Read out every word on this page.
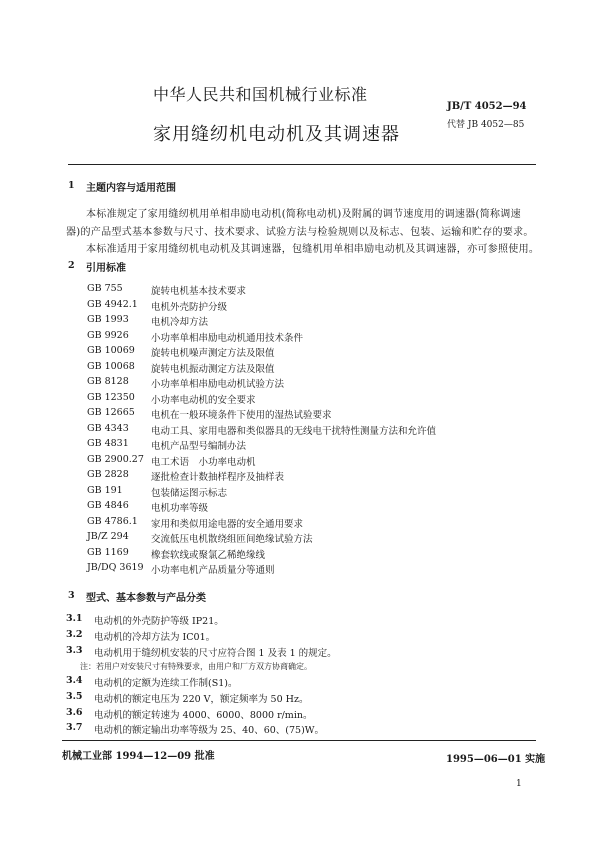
中华人民共和国机械行业标准
家用缝纫机电动机及其调速器
JB/T 4052—94
代替 JB 4052—85
1 主题内容与适用范围
本标准规定了家用缝纫机用单相串励电动机(简称电动机)及附属的调节速度用的调速器(简称调速
器)的产品型式基本参数与尺寸、技术要求、试验方法与检验规则以及标志、包装、运输和贮存的要求。
本标准适用于家用缝纫机电动机及其调速器，包缝机用单相串励电动机及其调速器，亦可参照使用。
2 引用标准
GB 755	旋转电机基本技术要求
GB 4942.1 电机外壳防护分级
GB 1993 电机冷却方法
GB 9926 小功率单相串励电动机通用技术条件
GB 10069 旋转电机噪声测定方法及限值
GB 10068 旋转电机振动测定方法及限值
GB 8128 小功率单相串励电动机试验方法
GB 12350 小功率电动机的安全要求
GB 12665 电机在一般环境条件下使用的湿热试验要求
GB 4343 电动工具、家用电器和类似器具的无线电干扰特性测量方法和允许值
GB 4831 电机产品型号编制办法
GB 2900.27 电工术语　小功率电动机
GB 2828 逐批检查计数抽样程序及抽样表
GB 191	包装储运图示标志
GB 4846 电机功率等级
GB 4786.1 家用和类似用途电器的安全通用要求
JB/Z 294 交流低压电机散绕组匝间绝缘试验方法
GB 1169 橡套软线或聚氯乙稀绝缘线
JB/DQ 3619 小功率电机产品质量分等通则
3 型式、基本参数与产品分类
3.1 电动机的外壳防护等级 IP21。
3.2 电动机的冷却方法为 IC01。
3.3 电动机用于缝纫机安装的尺寸应符合图 1 及表 1 的规定。
注：若用户对安装尺寸有特殊要求，由用户和厂方双方协商确定。
3.4 电动机的定额为连续工作制(S1)。
3.5 电动机的额定电压为 220 V，额定频率为 50 Hz。
3.6 电动机的额定转速为 4000、6000、8000 r/min。
3.7 电动机的额定输出功率等级为 25、40、60、(75)W。
机械工业部 1994—12—09 批准	1995—06—01 实施
1
